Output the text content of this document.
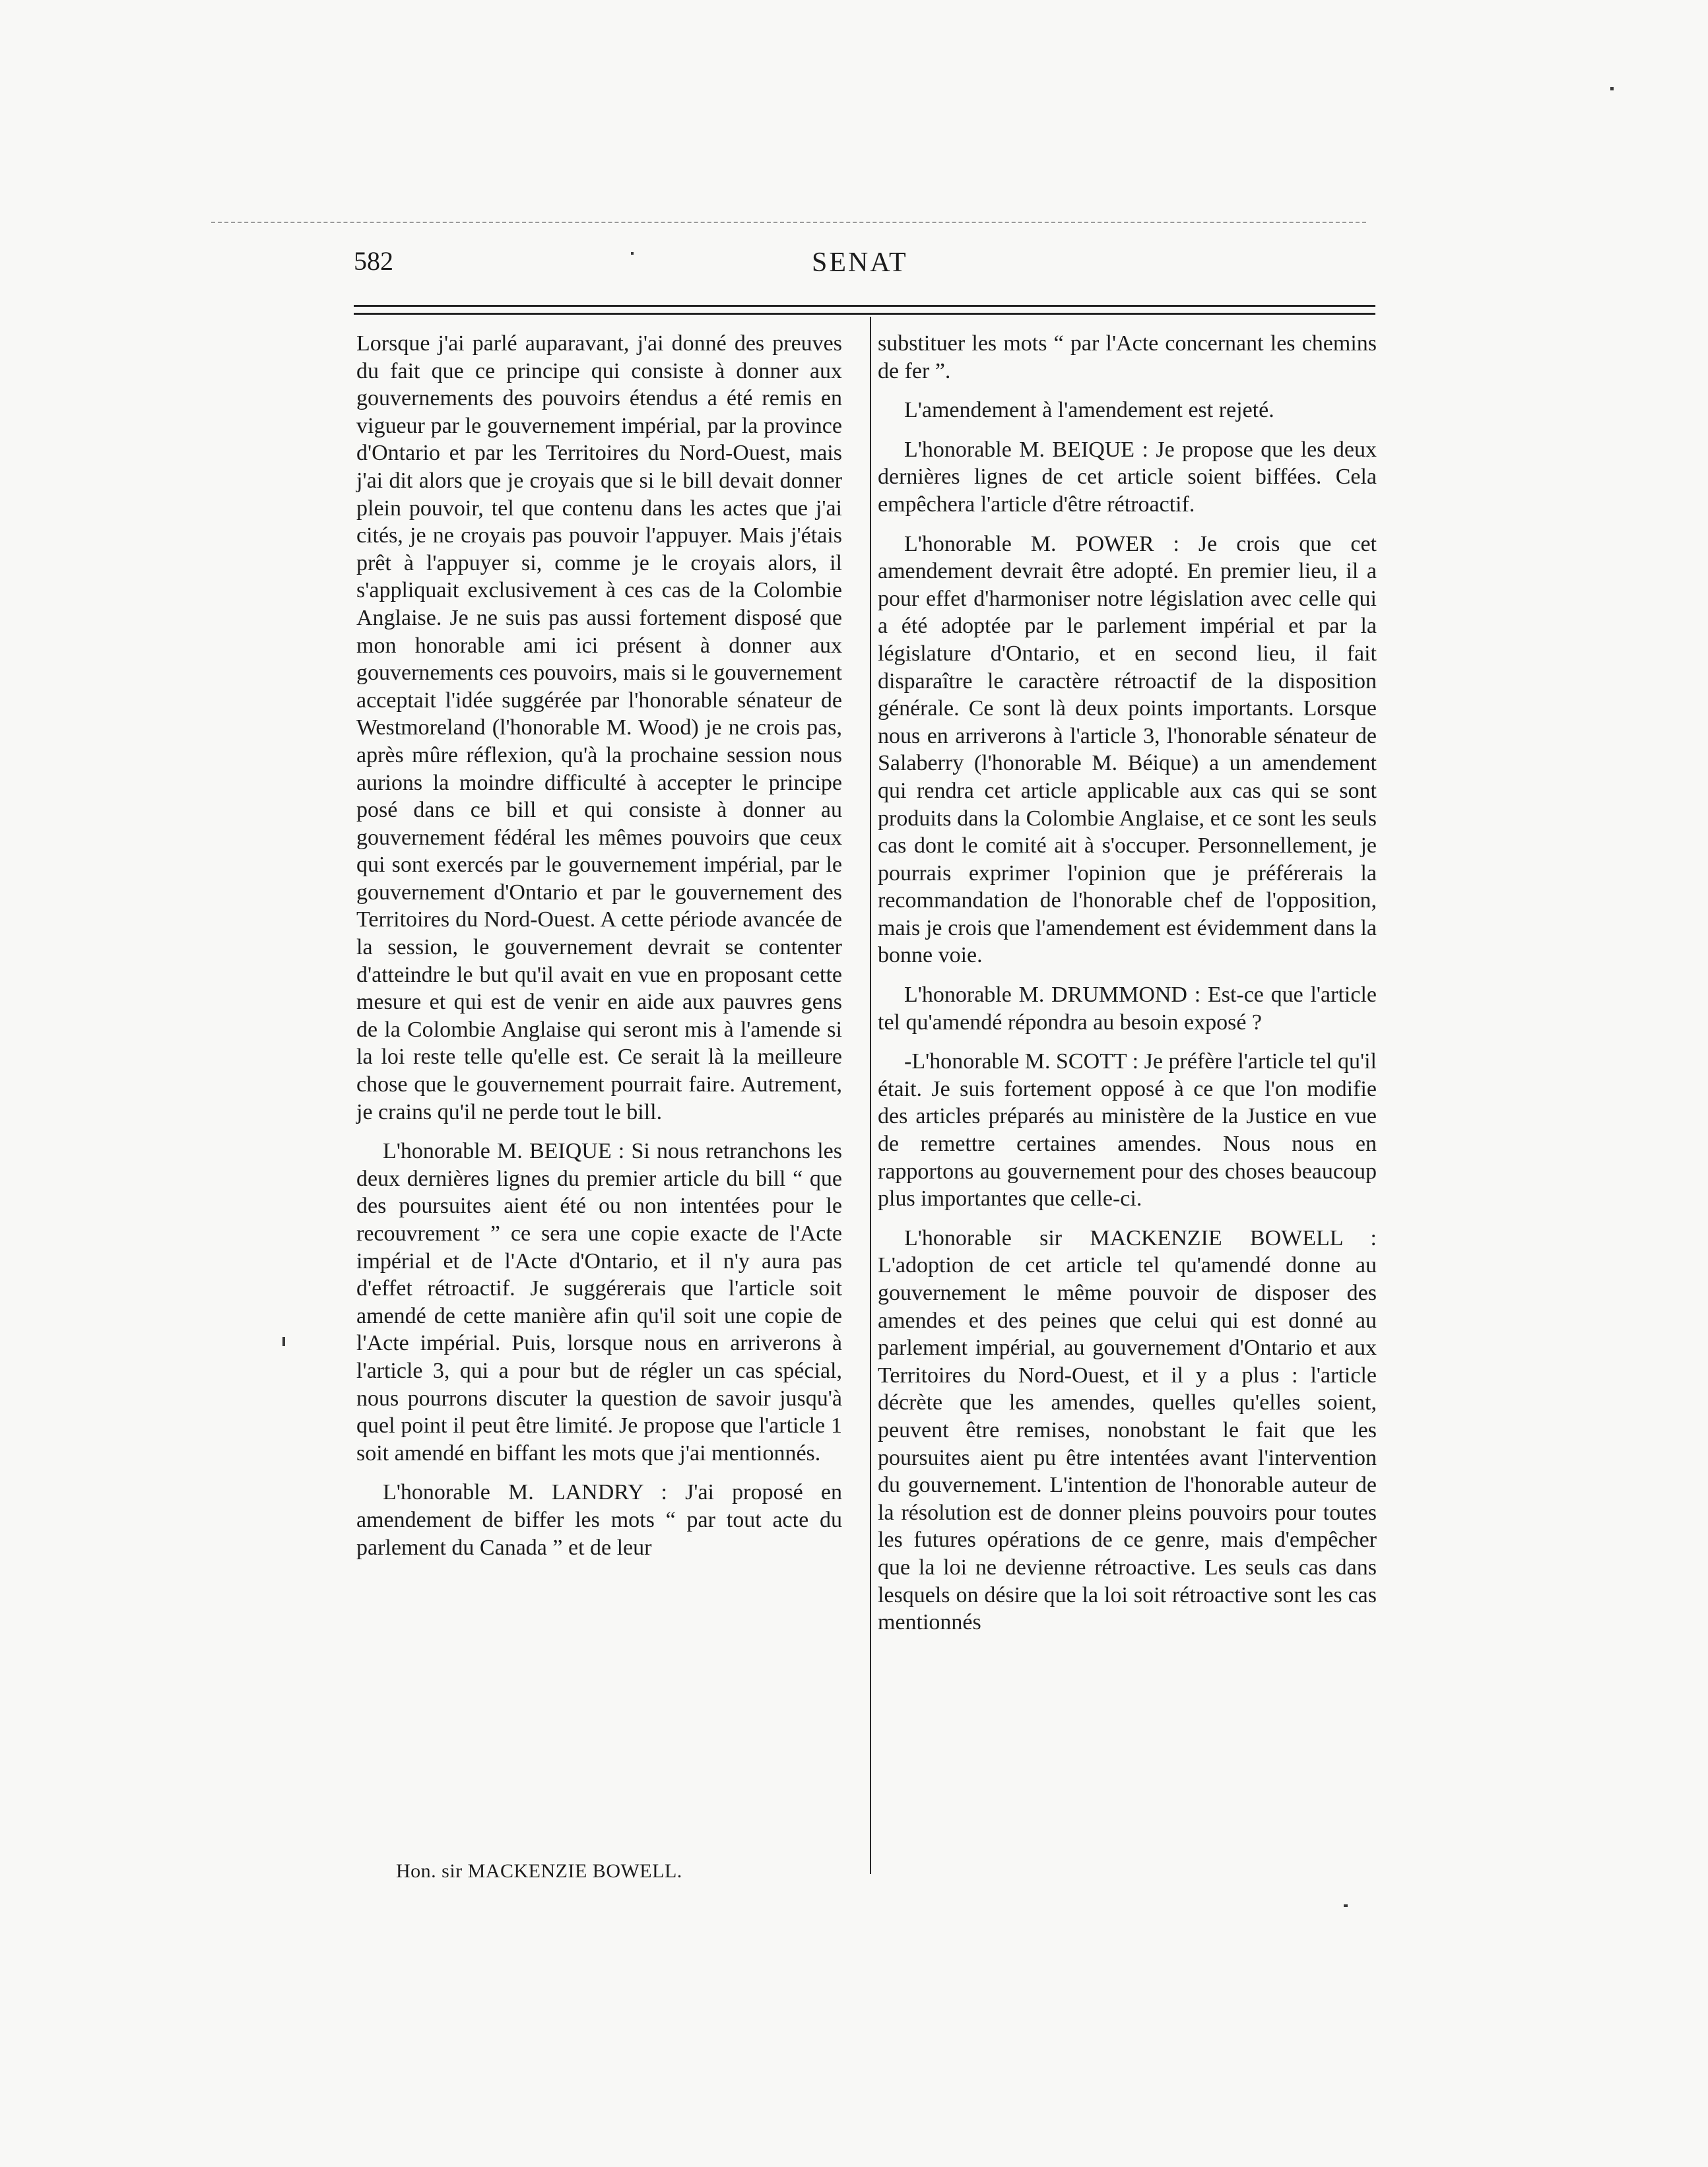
582	SENAT

Lorsque j'ai parlé auparavant, j'ai donné des preuves du fait que ce principe qui consiste à donner aux gouvernements des pouvoirs étendus a été remis en vigueur par le gouvernement impérial, par la province d'Ontario et par les Territoires du Nord-Ouest, mais j'ai dit alors que je croyais que si le bill devait donner plein pouvoir, tel que contenu dans les actes que j'ai cités, je ne croyais pas pouvoir l'appuyer. Mais j'étais prêt à l'appuyer si, comme je le croyais alors, il s'appliquait exclusivement à ces cas de la Colombie Anglaise. Je ne suis pas aussi fortement disposé que mon honorable ami ici présent à donner aux gouvernements ces pouvoirs, mais si le gouvernement acceptait l'idée suggérée par l'honorable sénateur de Westmoreland (l'honorable M. Wood) je ne crois pas, après mûre réflexion, qu'à la prochaine session nous aurions la moindre difficulté à accepter le principe posé dans ce bill et qui consiste à donner au gouvernement fédéral les mêmes pouvoirs que ceux qui sont exercés par le gouvernement impérial, par le gouvernement d'Ontario et par le gouvernement des Territoires du Nord-Ouest. A cette période avancée de la session, le gouvernement devrait se contenter d'atteindre le but qu'il avait en vue en proposant cette mesure et qui est de venir en aide aux pauvres gens de la Colombie Anglaise qui seront mis à l'amende si la loi reste telle qu'elle est. Ce serait là la meilleure chose que le gouvernement pourrait faire. Autrement, je crains qu'il ne perde tout le bill.

L'honorable M. BEIQUE : Si nous retranchons les deux dernières lignes du premier article du bill “ que des poursuites aient été ou non intentées pour le recouvrement ” ce sera une copie exacte de l'Acte impérial et de l'Acte d'Ontario, et il n'y aura pas d'effet rétroactif. Je suggérerais que l'article soit amendé de cette manière afin qu'il soit une copie de l'Acte impérial. Puis, lorsque nous en arriverons à l'article 3, qui a pour but de régler un cas spécial, nous pourrons discuter la question de savoir jusqu'à quel point il peut être limité. Je propose que l'article 1 soit amendé en biffant les mots que j'ai mentionnés.

L'honorable M. LANDRY : J'ai proposé en amendement de biffer les mots “ par tout acte du parlement du Canada ” et de leur

substituer les mots “ par l'Acte concernant les chemins de fer ”.

L'amendement à l'amendement est rejeté.

L'honorable M. BEIQUE : Je propose que les deux dernières lignes de cet article soient biffées. Cela empêchera l'article d'être rétroactif.

L'honorable M. POWER : Je crois que cet amendement devrait être adopté. En premier lieu, il a pour effet d'harmoniser notre législation avec celle qui a été adoptée par le parlement impérial et par la législature d'Ontario, et en second lieu, il fait disparaître le caractère rétroactif de la disposition générale. Ce sont là deux points importants. Lorsque nous en arriverons à l'article 3, l'honorable sénateur de Salaberry (l'honorable M. Béique) a un amendement qui rendra cet article applicable aux cas qui se sont produits dans la Colombie Anglaise, et ce sont les seuls cas dont le comité ait à s'occuper. Personnellement, je pourrais exprimer l'opinion que je préférerais la recommandation de l'honorable chef de l'opposition, mais je crois que l'amendement est évidemment dans la bonne voie.

L'honorable M. DRUMMOND : Est-ce que l'article tel qu'amendé répondra au besoin exposé ?

-L'honorable M. SCOTT : Je préfère l'article tel qu'il était. Je suis fortement opposé à ce que l'on modifie des articles préparés au ministère de la Justice en vue de remettre certaines amendes. Nous nous en rapportons au gouvernement pour des choses beaucoup plus importantes que celle-ci.

L'honorable sir MACKENZIE BOWELL : L'adoption de cet article tel qu'amendé donne au gouvernement le même pouvoir de disposer des amendes et des peines que celui qui est donné au parlement impérial, au gouvernement d'Ontario et aux Territoires du Nord-Ouest, et il y a plus : l'article décrète que les amendes, quelles qu'elles soient, peuvent être remises, nonobstant le fait que les poursuites aient pu être intentées avant l'intervention du gouvernement. L'intention de l'honorable auteur de la résolution est de donner pleins pouvoirs pour toutes les futures opérations de ce genre, mais d'empêcher que la loi ne devienne rétroactive. Les seuls cas dans lesquels on désire que la loi soit rétroactive sont les cas mentionnés

Hon. sir MACKENZIE BOWELL.
